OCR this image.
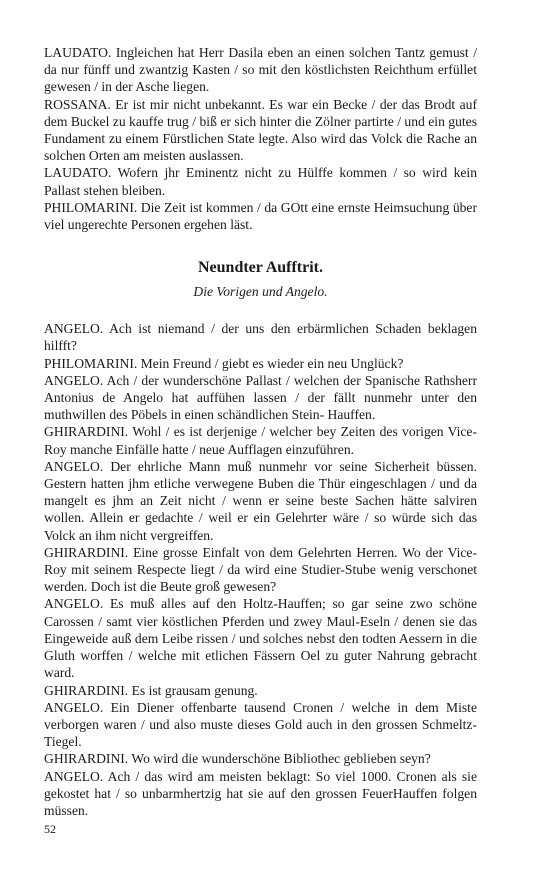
LAUDATO. Ingleichen hat Herr Dasila eben an einen solchen Tantz gemust / da nur fünff und zwantzig Kasten / so mit den köstlichsten Reichthum erfüllet gewesen / in der Asche liegen.

ROSSANA. Er ist mir nicht unbekannt. Es war ein Becke / der das Brodt auf dem Buckel zu kauffe trug / biß er sich hinter die Zölner partirte / und ein gutes Fundament zu einem Fürstlichen State legte. Also wird das Volck die Rache an solchen Orten am meisten auslassen.

LAUDATO. Wofern jhr Eminentz nicht zu Hülffe kommen / so wird kein Pallast stehen bleiben.

PHILOMARINI. Die Zeit ist kommen / da GOtt eine ernste Heimsuchung über viel ungerechte Personen ergehen läst.

Neundter Aufftrit.
Die Vorigen und Angelo.

ANGELO. Ach ist niemand / der uns den erbärmlichen Schaden beklagen hilfft?

PHILOMARINI. Mein Freund / giebt es wieder ein neu Unglück?

ANGELO. Ach / der wunderschöne Pallast / welchen der Spanische Rathsherr Antonius de Angelo hat auffühen lassen / der fällt nunmehr unter den muthwillen des Pöbels in einen schändlichen Stein- Hauffen.

GHIRARDINI. Wohl / es ist derjenige / welcher bey Zeiten des vorigen Vice-Roy manche Einfälle hatte / neue Aufflagen einzuführen.

ANGELO. Der ehrliche Mann muß nunmehr vor seine Sicherheit büssen. Gestern hatten jhm etliche verwegene Buben die Thür eingeschlagen / und da mangelt es jhm an Zeit nicht / wenn er seine beste Sachen hätte salviren wollen. Allein er gedachte / weil er ein Gelehrter wäre / so würde sich das Volck an ihm nicht vergreiffen.

GHIRARDINI. Eine grosse Einfalt von dem Gelehrten Herren. Wo der Vice-Roy mit seinem Respecte liegt / da wird eine Studier-Stube wenig verschonet werden. Doch ist die Beute groß gewesen?

ANGELO. Es muß alles auf den Holtz-Hauffen; so gar seine zwo schöne Carossen / samt vier köstlichen Pferden und zwey Maul-Eseln / denen sie das Eingeweide auß dem Leibe rissen / und solches nebst den todten Aessern in die Gluth worffen / welche mit etlichen Fässern Oel zu guter Nahrung gebracht ward.

GHIRARDINI. Es ist grausam genung.

ANGELO. Ein Diener offenbarte tausend Cronen / welche in dem Miste verborgen waren / und also muste dieses Gold auch in den grossen Schmeltz- Tiegel.

GHIRARDINI. Wo wird die wunderschöne Bibliothec geblieben seyn?

ANGELO. Ach / das wird am meisten beklagt: So viel 1000. Cronen als sie gekostet hat / so unbarmhertzig hat sie auf den grossen FeuerHauffen folgen müssen.

52
